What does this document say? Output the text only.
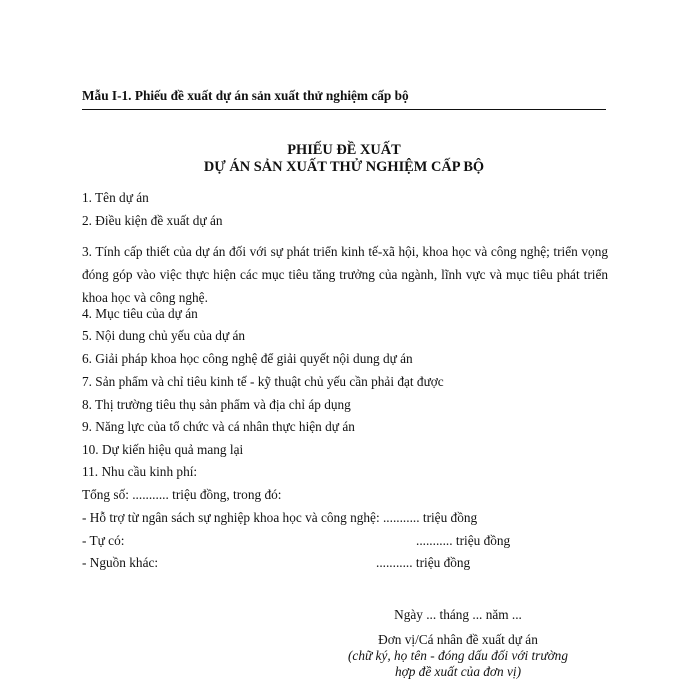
Mẫu I-1. Phiếu đề xuất dự án sản xuất thử nghiệm cấp bộ
PHIẾU ĐỀ XUẤT
DỰ ÁN SẢN XUẤT THỬ NGHIỆM CẤP BỘ
1. Tên dự án
2. Điều kiện đề xuất dự án
3. Tính cấp thiết của dự án đối với sự phát triển kinh tế-xã hội, khoa học và công nghệ; triển vọng đóng góp vào việc thực hiện các mục tiêu tăng trưởng của ngành, lĩnh vực và mục tiêu phát triển khoa học và công nghệ.
4. Mục tiêu của dự án
5. Nội dung chủ yếu của dự án
6. Giải pháp khoa học công nghệ để giải quyết nội dung dự án
7. Sản phẩm và chỉ tiêu kinh tế - kỹ thuật chủ yếu cần phải đạt được
8. Thị trường tiêu thụ sản phẩm và địa chỉ áp dụng
9. Năng lực của tổ chức và cá nhân thực hiện dự án
10. Dự kiến hiệu quả mang lại
11. Nhu cầu kinh phí:
Tổng số: ........... triệu đồng, trong đó:
- Hỗ trợ từ ngân sách sự nghiệp khoa học và công nghệ: ........... triệu đồng
- Tự có:	........... triệu đồng
- Nguồn khác:	........... triệu đồng
Ngày ... tháng ... năm ...
Đơn vị/Cá nhân đề xuất dự án
(chữ ký, họ tên - đóng dấu đối với trường
hợp đề xuất của đơn vị)
